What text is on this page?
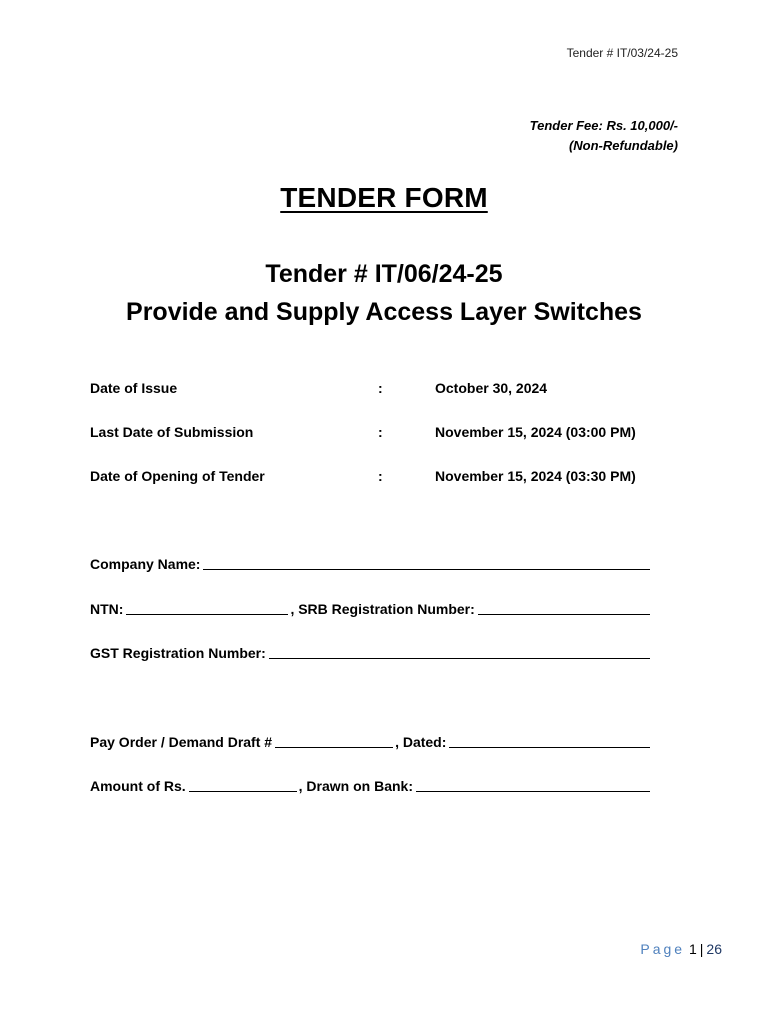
Tender # IT/03/24-25
Tender Fee: Rs. 10,000/-
(Non-Refundable)
TENDER FORM
Tender # IT/06/24-25
Provide and Supply Access Layer Switches
Date of Issue	:	October 30, 2024
Last Date of Submission	:	November 15, 2024 (03:00 PM)
Date of Opening of Tender	:	November 15, 2024 (03:30 PM)
Company Name:
NTN:	, SRB Registration Number:
GST Registration Number:
Pay Order / Demand Draft #	, Dated:
Amount of Rs.	, Drawn on Bank:
Page 1 | 26
